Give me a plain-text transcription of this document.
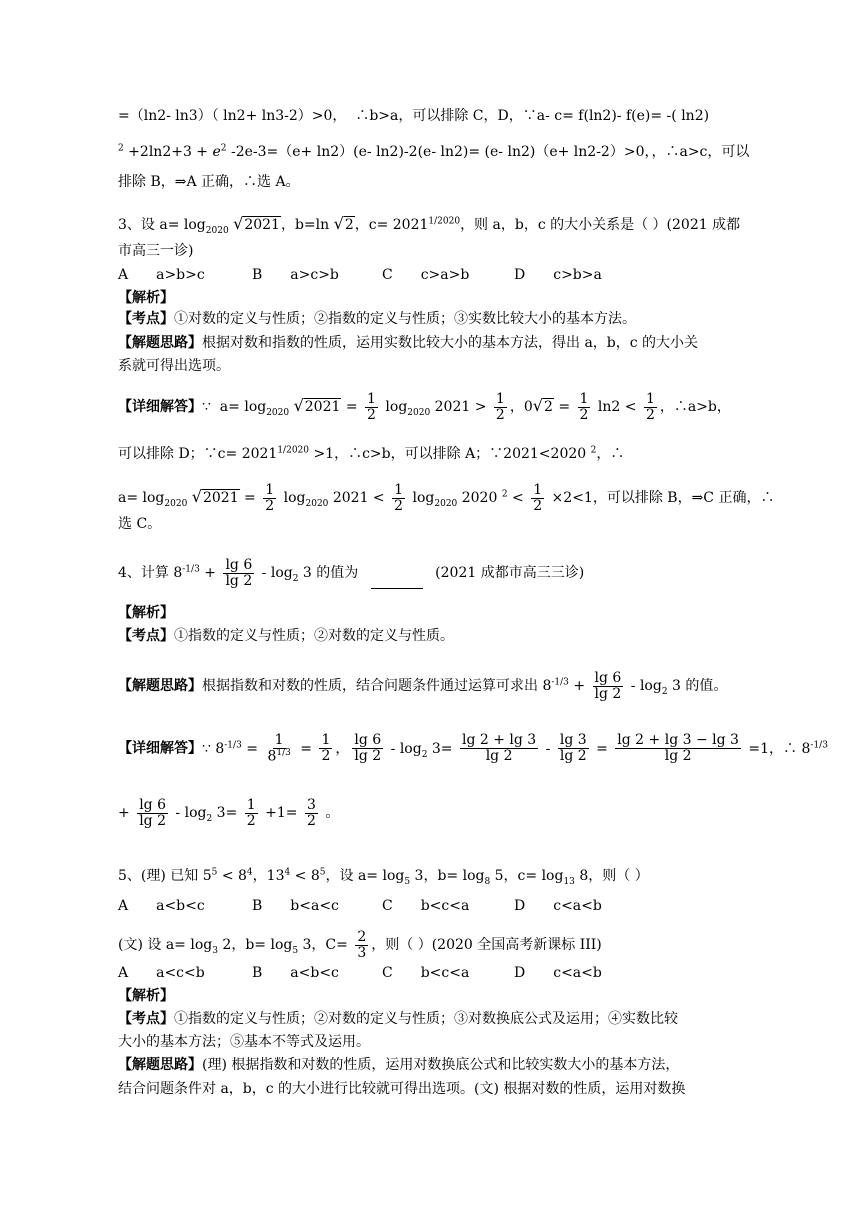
=（ln2- ln3）（ ln2+ ln3-2）>0，  ∴b>a，可以排除 C，D，∵a- c= f(ln2)- f(e)= -( ln2)
$^2 +2\ln 2+3 + e^2$ -2e-3=（e+ ln2）(e- ln2)-2(e- ln2)= (e- ln2)（e+ ln2-2）>0，，∴a>c，可以
排除 B，⇒A 正确，∴选 A。
3、设 $a= \log_{2020} √2021$，b=ln √2，$c= 2021^{1/2020}$，则 a，b，c 的大小关系是（ ）(2021 成都
市高三一诊)
A　　a>b>c	B　　a>c>b	C　　c>a>b	D　　c>b>a
【解析】
【考点】①对数的定义与性质；②指数的定义与性质；③实数比较大小的基本方法。
【解题思路】根据对数和指数的性质，运用实数比较大小的基本方法，得出 a，b，c 的大小关
系就可得出选项。
【详细解答】∵  $a= \log_{2020} √2021 = \frac{1}{2} \log_{2020} 2021 > \frac{1}{2}$ ，$0√2 = \frac{1}{2} \ln 2 < \frac{1}{2}$ ，∴a>b，
可以排除 D；∵c= $2021^{1/2020} >1$，∴c>b，可以排除 A；∵2021<2020 $^2$，∴
$a= \log_{2020} √2021 = \frac{1}{2} \log_{2020} 2021 < \frac{1}{2} \log_{2020} 2020$ $^2 < \frac{1}{2} \times 2<1$，可以排除 B，⇒C 正确，∴
选 C。
4、计算 $8^{-1/3} + \frac{\lg 6}{\lg 2} - \log_2 3$ 的值为	(2021 成都市高三三诊)
【解析】
【考点】①指数的定义与性质；②对数的定义与性质。
【解题思路】根据指数和对数的性质，结合问题条件通过运算可求出 $8^{-1/3} + \frac{\lg 6}{\lg 2} - \log_2 3$ 的值。
【详细解答】∵ $8^{-1/3} = \frac{1}{8^{1/3}} = \frac{1}{2}$ ， $\frac{\lg 6}{\lg 2} - \log_2 3= \frac{\lg 2 + \lg 3}{\lg 2} - \frac{\lg 3}{\lg 2} = \frac{\lg 2 + \lg 3 - \lg 3}{\lg 2} =1$，∴ $8^{-1/3}$
+ $\frac{\lg 6}{\lg 2} - \log_2 3= \frac{1}{2} +1= \frac{3}{2}$ 。
5、(理) 已知 $5^5 < 8^4$，$13^4 < 8^5$，设 $a= \log_5 3$，$b= \log_8 5$，$c= \log_{13} 8$，则（ ）
A　　a<b<c	B　　b<a<c	C　　b<c<a	D　　c<a<b
(文) 设 $a= \log_3 2$，$b= \log_5 3$，$C= \frac{2}{3}$ ，则（ ）(2020 全国高考新课标 III)
A　　a<c<b	B　　a<b<c	C　　b<c<a	D　　c<a<b
【解析】
【考点】①指数的定义与性质；②对数的定义与性质；③对数换底公式及运用；④实数比较
大小的基本方法；⑤基本不等式及运用。
【解题思路】(理) 根据指数和对数的性质，运用对数换底公式和比较实数大小的基本方法，
结合问题条件对 a，b，c 的大小进行比较就可得出选项。(文) 根据对数的性质，运用对数换
